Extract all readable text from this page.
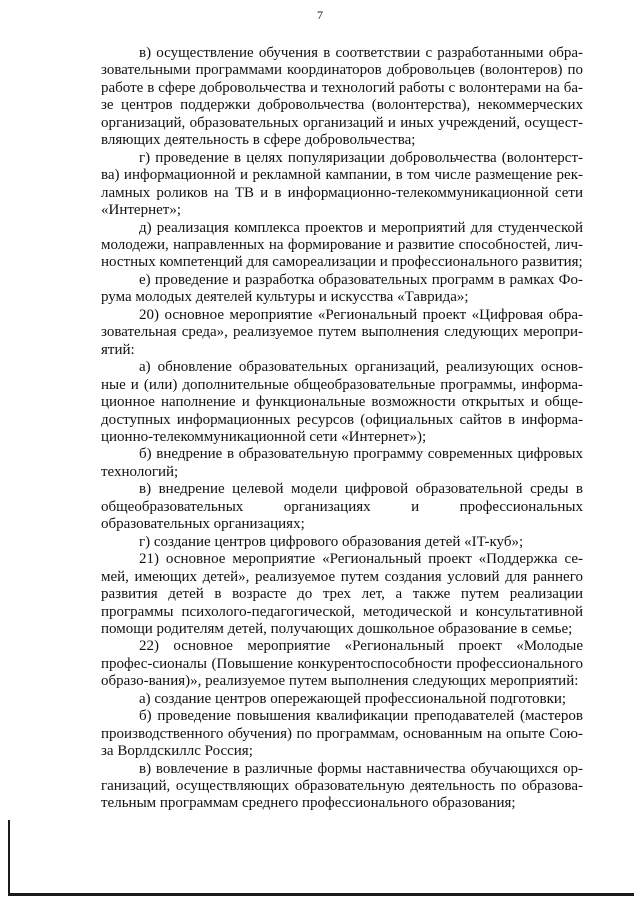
7

в) осуществление обучения в соответствии с разработанными обра-зовательными программами координаторов добровольцев (волонтеров) по работе в сфере добровольчества и технологий работы с волонтерами на ба-зе центров поддержки добровольчества (волонтерства), некоммерческих организаций, образовательных организаций и иных учреждений, осущест-вляющих деятельность в сфере добровольчества;

г) проведение в целях популяризации добровольчества (волонтерст-ва) информационной и рекламной кампании, в том числе размещение рек-ламных роликов на ТВ и в информационно-телекоммуникационной сети «Интернет»;

д) реализация комплекса проектов и мероприятий для студенческой молодежи, направленных на формирование и развитие способностей, лич-ностных компетенций для самореализации и профессионального развития;

е) проведение и разработка образовательных программ в рамках Фо-рума молодых деятелей культуры и искусства «Таврида»;

20) основное мероприятие «Региональный проект «Цифровая обра-зовательная среда», реализуемое путем выполнения следующих меропри-ятий:

а) обновление образовательных организаций, реализующих основ-ные и (или) дополнительные общеобразовательные программы, информа-ционное наполнение и функциональные возможности открытых и обще-доступных информационных ресурсов (официальных сайтов в информа-ционно-телекоммуникационной сети «Интернет»);

б) внедрение в образовательную программу современных цифровых технологий;

в) внедрение целевой модели цифровой образовательной среды в общеобразовательных организациях и профессиональных образовательных организациях;

г) создание центров цифрового образования детей «IT-куб»;

21) основное мероприятие «Региональный проект «Поддержка се-мей, имеющих детей», реализуемое путем создания условий для раннего развития детей в возрасте до трех лет, а также путем реализации программы психолого-педагогической, методической и консультативной помощи родителям детей, получающих дошкольное образование в семье;

22) основное мероприятие «Региональный проект «Молодые профес-сионалы (Повышение конкурентоспособности профессионального образо-вания)», реализуемое путем выполнения следующих мероприятий:

а) создание центров опережающей профессиональной подготовки;

б) проведение повышения квалификации преподавателей (мастеров производственного обучения) по программам, основанным на опыте Сою-за Ворлдскиллс Россия;

в) вовлечение в различные формы наставничества обучающихся ор-ганизаций, осуществляющих образовательную деятельность по образова-тельным программам среднего профессионального образования;
